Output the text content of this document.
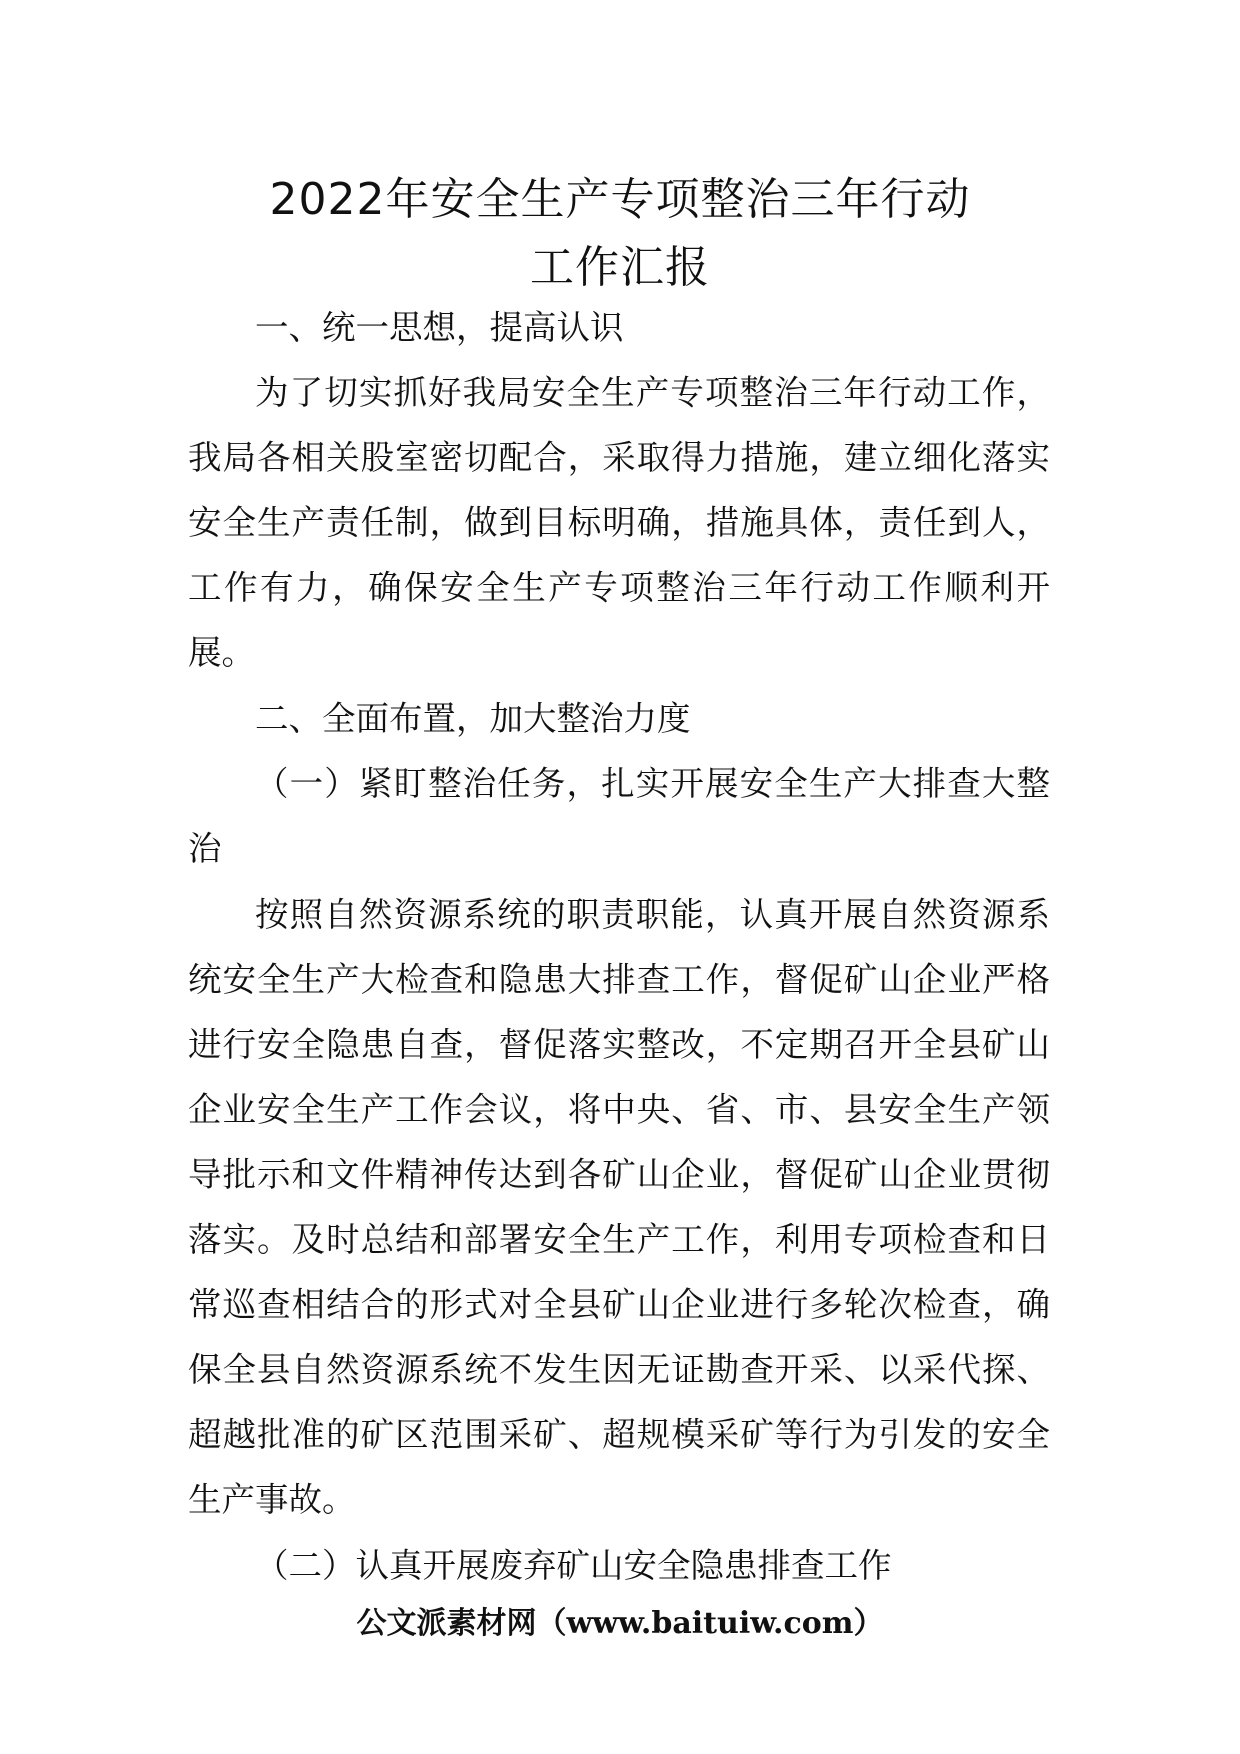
2022年安全生产专项整治三年行动
工作汇报

一、统一思想，提高认识

为了切实抓好我局安全生产专项整治三年行动工作，我局各相关股室密切配合，采取得力措施，建立细化落实安全生产责任制，做到目标明确，措施具体，责任到人，工作有力，确保安全生产专项整治三年行动工作顺利开展。

二、全面布置，加大整治力度

（一）紧盯整治任务，扎实开展安全生产大排查大整治

按照自然资源系统的职责职能，认真开展自然资源系统安全生产大检查和隐患大排查工作，督促矿山企业严格进行安全隐患自查，督促落实整改，不定期召开全县矿山企业安全生产工作会议，将中央、省、市、县安全生产领导批示和文件精神传达到各矿山企业，督促矿山企业贯彻落实。及时总结和部署安全生产工作，利用专项检查和日常巡查相结合的形式对全县矿山企业进行多轮次检查，确保全县自然资源系统不发生因无证勘查开采、以采代探、超越批准的矿区范围采矿、超规模采矿等行为引发的安全生产事故。

（二）认真开展废弃矿山安全隐患排查工作

公文派素材网（www.baituiw.com）
